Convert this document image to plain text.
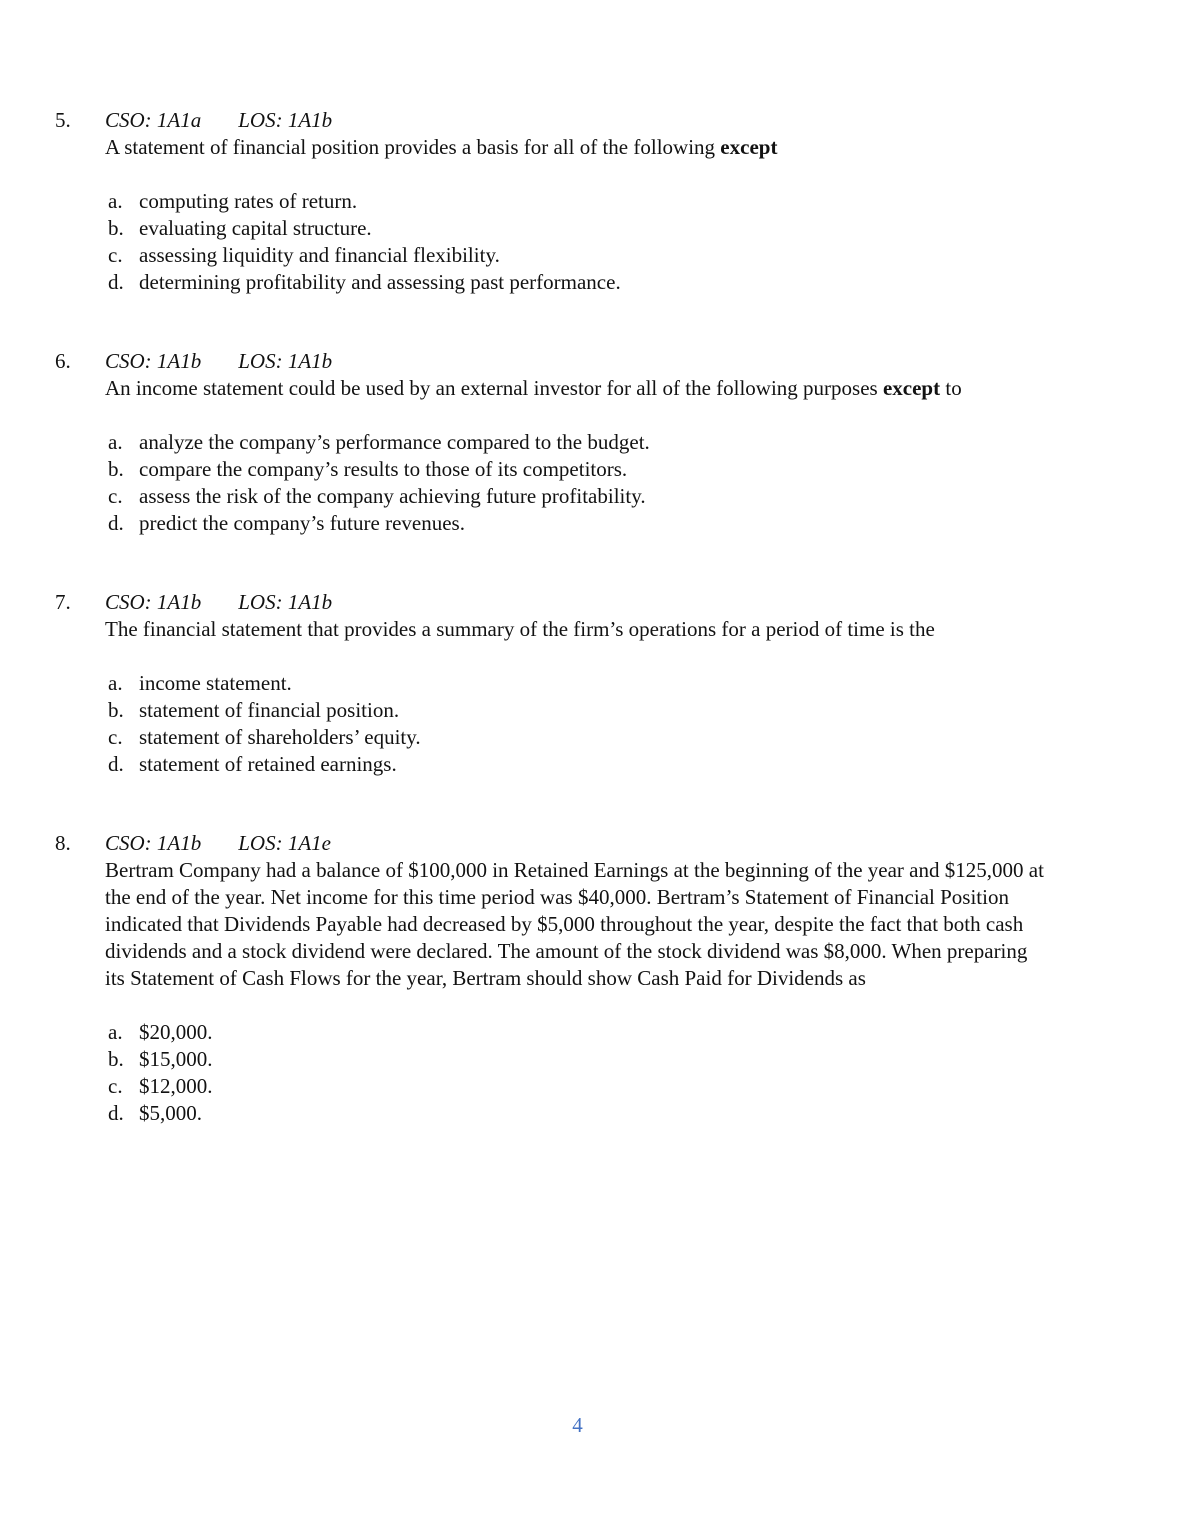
5.	CSO: 1A1a LOS: 1A1b

A statement of financial position provides a basis for all of the following except

a. computing rates of return.
b. evaluating capital structure.
c. assessing liquidity and financial flexibility.
d. determining profitability and assessing past performance.
6.	CSO: 1A1b LOS: 1A1b

An income statement could be used by an external investor for all of the following purposes except to

a. analyze the company’s performance compared to the budget.
b. compare the company’s results to those of its competitors.
c. assess the risk of the company achieving future profitability.
d. predict the company’s future revenues.
7.	CSO: 1A1b LOS: 1A1b

The financial statement that provides a summary of the firm’s operations for a period of time is the

a. income statement.
b. statement of financial position.
c. statement of shareholders’ equity.
d. statement of retained earnings.
8.	CSO: 1A1b LOS: 1A1e

Bertram Company had a balance of $100,000 in Retained Earnings at the beginning of the year and $125,000 at the end of the year. Net income for this time period was $40,000. Bertram’s Statement of Financial Position indicated that Dividends Payable had decreased by $5,000 throughout the year, despite the fact that both cash dividends and a stock dividend were declared. The amount of the stock dividend was $8,000. When preparing its Statement of Cash Flows for the year, Bertram should show Cash Paid for Dividends as

a. $20,000.
b. $15,000.
c. $12,000.
d. $5,000.
4
